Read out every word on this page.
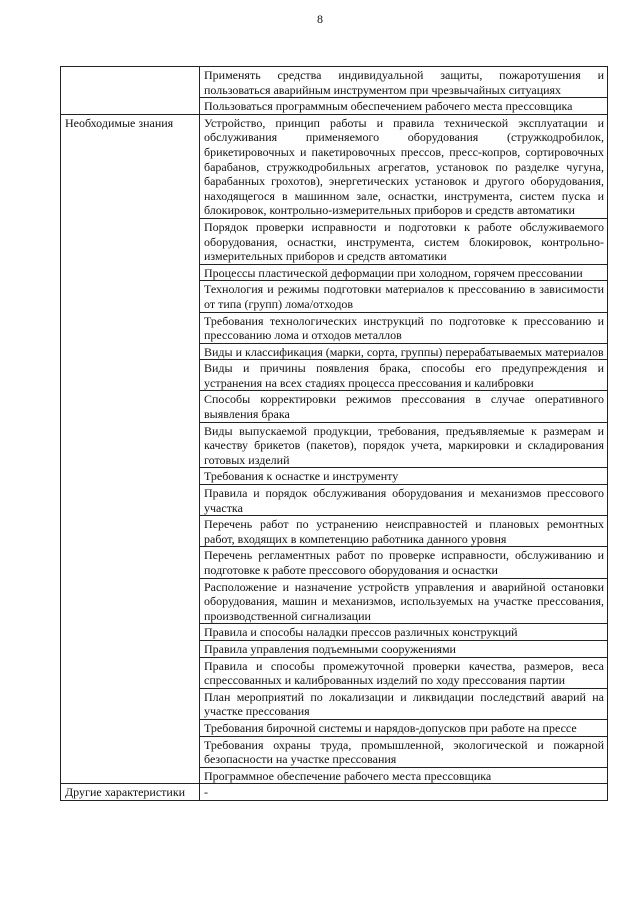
8
	Применять средства индивидуальной защиты, пожаротушения и пользоваться аварийным инструментом при чрезвычайных ситуациях
	Пользоваться программным обеспечением рабочего места прессовщика
Необходимые знания	Устройство, принцип работы и правила технической эксплуатации и обслуживания применяемого оборудования (стружкодробилок, брикетировочных и пакетировочных прессов, пресс-копров, сортировочных барабанов, стружкодробильных агрегатов, установок по разделке чугуна, барабанных грохотов), энергетических установок и другого оборудования, находящегося в машинном зале, оснастки, инструмента, систем пуска и блокировок, контрольно-измерительных приборов и средств автоматики
	Порядок проверки исправности и подготовки к работе обслуживаемого оборудования, оснастки, инструмента, систем блокировок, контрольно-измерительных приборов и средств автоматики
	Процессы пластической деформации при холодном, горячем прессовании
	Технология и режимы подготовки материалов к прессованию в зависимости от типа (групп) лома/отходов
	Требования технологических инструкций по подготовке к прессованию и прессованию лома и отходов металлов
	Виды и классификация (марки, сорта, группы) перерабатываемых материалов
	Виды и причины появления брака, способы его предупреждения и устранения на всех стадиях процесса прессования и калибровки
	Способы корректировки режимов прессования в случае оперативного выявления брака
	Виды выпускаемой продукции, требования, предъявляемые к размерам и качеству брикетов (пакетов), порядок учета, маркировки и складирования готовых изделий
	Требования к оснастке и инструменту
	Правила и порядок обслуживания оборудования и механизмов прессового участка
	Перечень работ по устранению неисправностей и плановых ремонтных работ, входящих в компетенцию работника данного уровня
	Перечень регламентных работ по проверке исправности, обслуживанию и подготовке к работе прессового оборудования и оснастки
	Расположение и назначение устройств управления и аварийной остановки оборудования, машин и механизмов, используемых на участке прессования, производственной сигнализации
	Правила и способы наладки прессов различных конструкций
	Правила управления подъемными сооружениями
	Правила и способы промежуточной проверки качества, размеров, веса спрессованных и калиброванных изделий по ходу прессования партии
	План мероприятий по локализации и ликвидации последствий аварий на участке прессования
	Требования бирочной системы и нарядов-допусков при работе на прессе
	Требования охраны труда, промышленной, экологической и пожарной безопасности на участке прессования
	Программное обеспечение рабочего места прессовщика
Другие характеристики	-
